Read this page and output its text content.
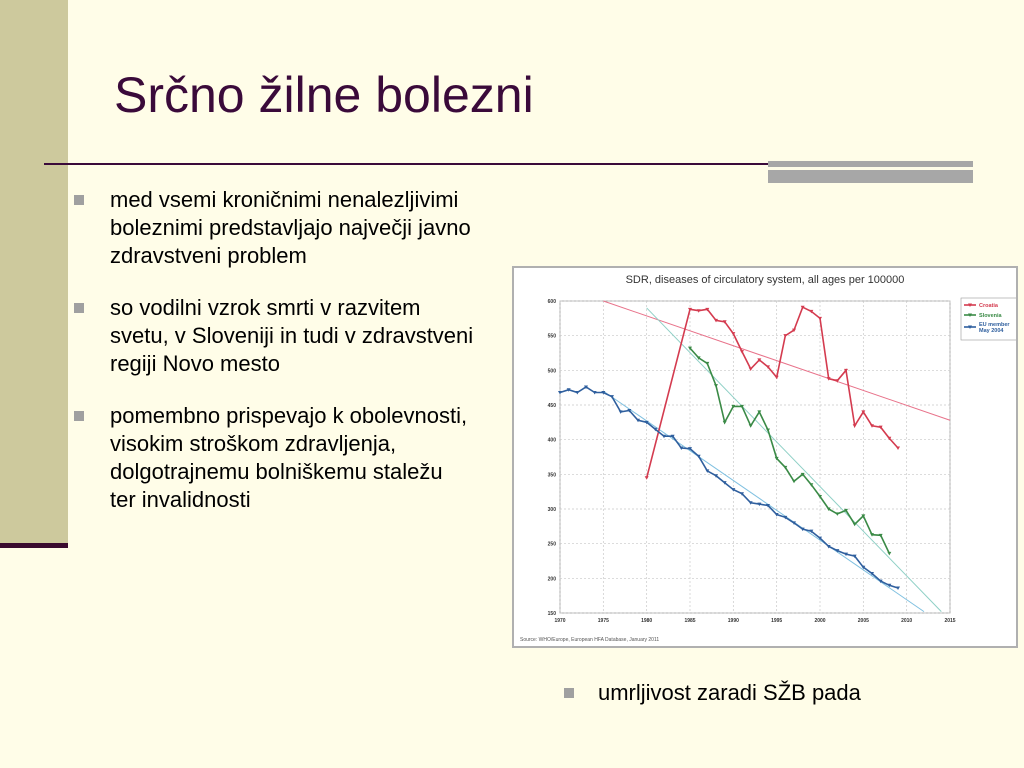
Srčno žilne bolezni
med vsemi kroničnimi nenalezljivimi boleznimi predstavljajo največji javno zdravstveni problem
so vodilni vzrok smrti v razvitem svetu, v Sloveniji in tudi v zdravstveni regiji Novo mesto
pomembno prispevajo k obolevnosti, visokim stroškom zdravljenja, dolgotrajnemu bolniškemu staležu ter invalidnosti
SDR, diseases of circulatory system, all ages per 100000
150
200
250
300
350
400
450
500
550
600
1970	1975	1980	1985	1990	1995	2000	2005	2010	2015
Croatia
Slovenia
EU member May 2004
Source: WHO/Europe, European HFA Database, January 2011
umrljivost zaradi SŽB pada
